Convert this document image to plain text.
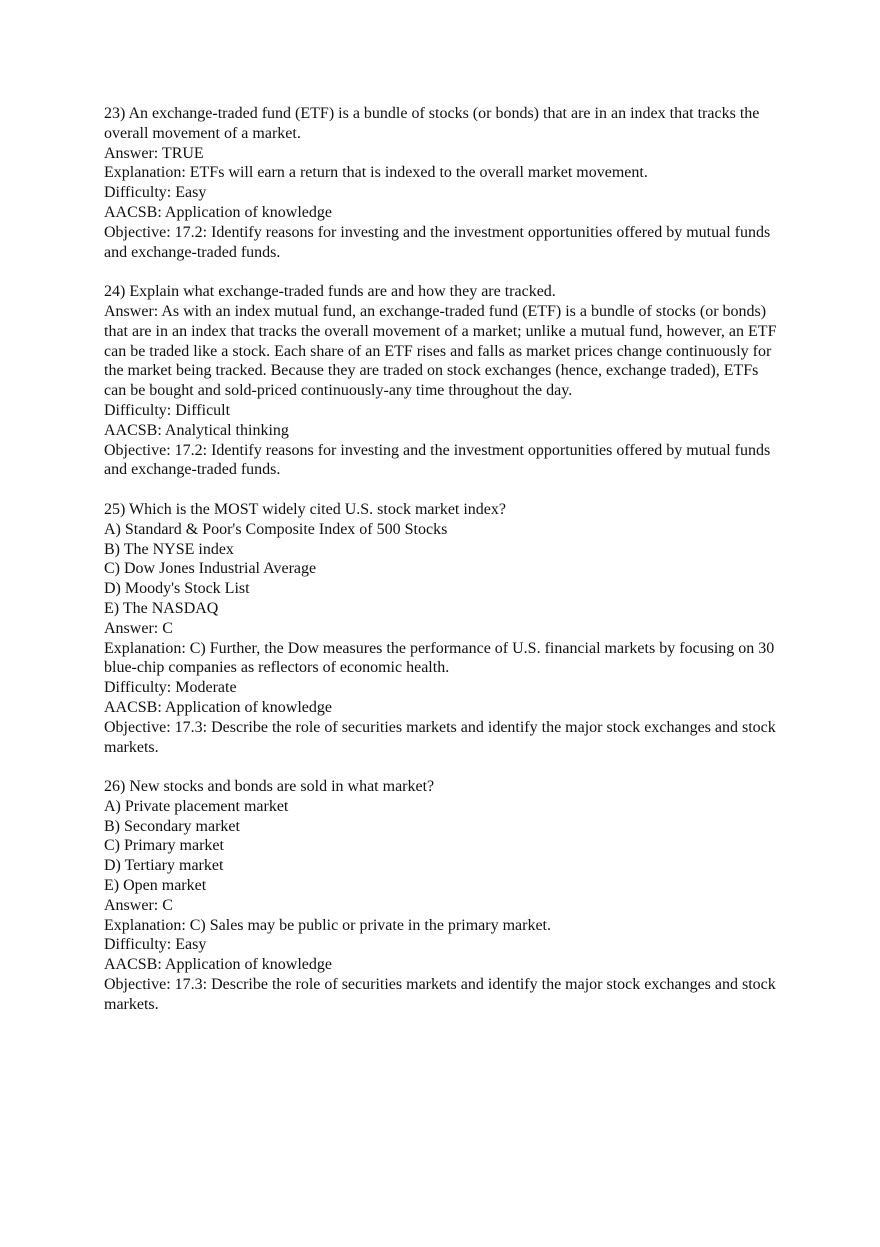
23) An exchange-traded fund (ETF) is a bundle of stocks (or bonds) that are in an index that tracks the overall movement of a market.
Answer: TRUE
Explanation: ETFs will earn a return that is indexed to the overall market movement.
Difficulty: Easy
AACSB: Application of knowledge
Objective: 17.2: Identify reasons for investing and the investment opportunities offered by mutual funds and exchange-traded funds.
24) Explain what exchange-traded funds are and how they are tracked.
Answer: As with an index mutual fund, an exchange-traded fund (ETF) is a bundle of stocks (or bonds) that are in an index that tracks the overall movement of a market; unlike a mutual fund, however, an ETF can be traded like a stock. Each share of an ETF rises and falls as market prices change continuously for the market being tracked. Because they are traded on stock exchanges (hence, exchange traded), ETFs can be bought and sold-priced continuously-any time throughout the day.
Difficulty: Difficult
AACSB: Analytical thinking
Objective: 17.2: Identify reasons for investing and the investment opportunities offered by mutual funds and exchange-traded funds.
25) Which is the MOST widely cited U.S. stock market index?
A) Standard & Poor's Composite Index of 500 Stocks
B) The NYSE index
C) Dow Jones Industrial Average
D) Moody's Stock List
E) The NASDAQ
Answer: C
Explanation: C) Further, the Dow measures the performance of U.S. financial markets by focusing on 30 blue-chip companies as reflectors of economic health.
Difficulty: Moderate
AACSB: Application of knowledge
Objective: 17.3: Describe the role of securities markets and identify the major stock exchanges and stock markets.
26) New stocks and bonds are sold in what market?
A) Private placement market
B) Secondary market
C) Primary market
D) Tertiary market
E) Open market
Answer: C
Explanation: C) Sales may be public or private in the primary market.
Difficulty: Easy
AACSB: Application of knowledge
Objective: 17.3: Describe the role of securities markets and identify the major stock exchanges and stock markets.
